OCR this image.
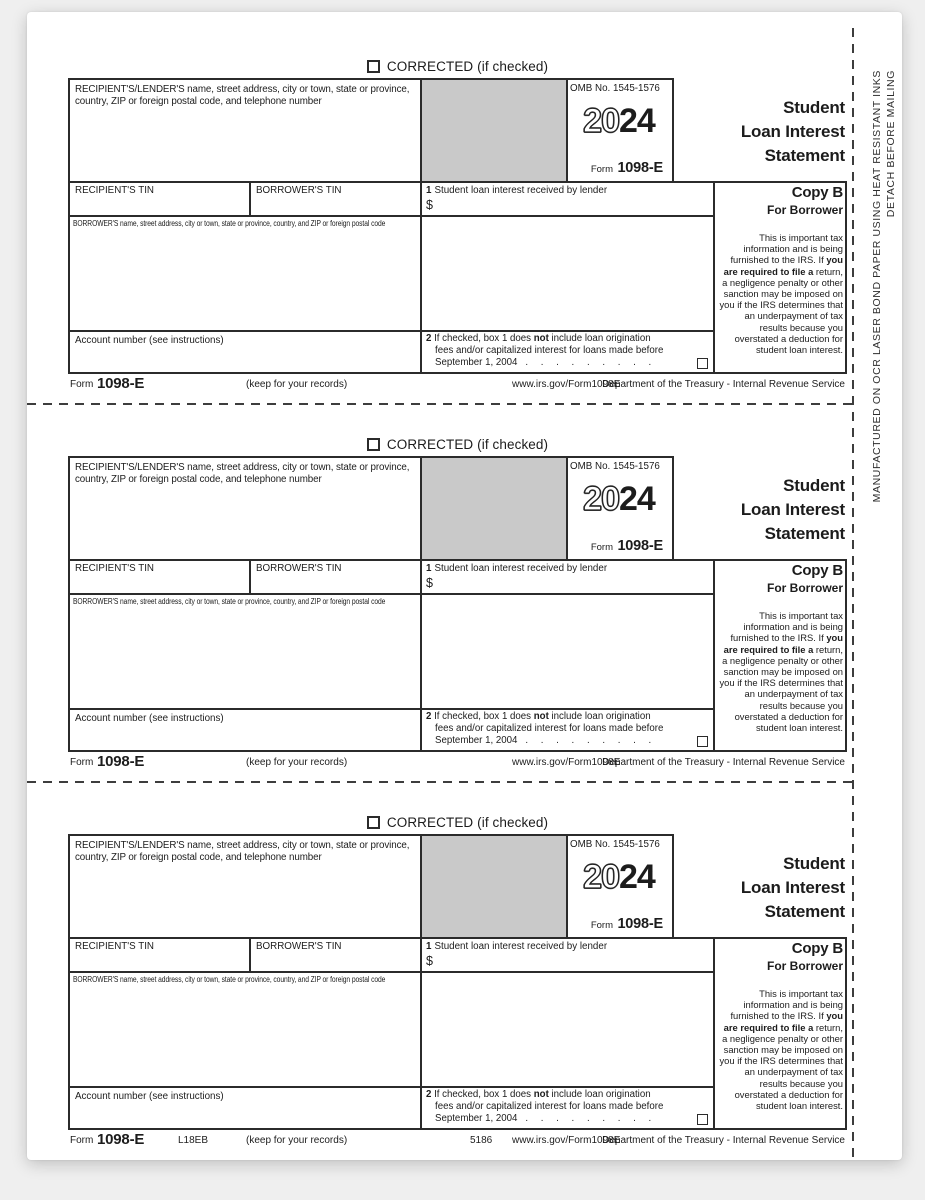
MANUFACTURED ON OCR LASER BOND PAPER USING HEAT RESISTANT INKS DETACH BEFORE MAILING
CORRECTED (if checked)
RECIPIENT'S/LENDER'S name, street address, city or town, state or province, country, ZIP or foreign postal code, and telephone number
OMB No. 1545-1576
2024
Form 1098-E
Student
Loan Interest
Statement
RECIPIENT'S TIN	BORROWER'S TIN	1 Student loan interest received by lender
$
BORROWER'S name, street address, city or town, state or province, country, and ZIP or foreign postal code
Account number (see instructions)	2 If checked, box 1 does not include loan origination
fees and/or capitalized interest for loans made before
September 1, 2004 . . . . . . . . .
Copy B
For Borrower
This is important tax information and is being furnished to the IRS. If you are required to file a return, a negligence penalty or other sanction may be imposed on you if the IRS determines that an underpayment of tax results because you overstated a deduction for student loan interest.
Form 1098-E	(keep for your records)	www.irs.gov/Form1098E
Department of the Treasury - Internal Revenue Service
CORRECTED (if checked)
RECIPIENT'S/LENDER'S name, street address, city or town, state or province, country, ZIP or foreign postal code, and telephone number
OMB No. 1545-1576
2024
Form 1098-E
Student
Loan Interest
Statement
RECIPIENT'S TIN	BORROWER'S TIN	1 Student loan interest received by lender
$
BORROWER'S name, street address, city or town, state or province, country, and ZIP or foreign postal code
Account number (see instructions)	2 If checked, box 1 does not include loan origination
fees and/or capitalized interest for loans made before
September 1, 2004 . . . . . . . . .
Copy B
For Borrower
This is important tax information and is being furnished to the IRS. If you are required to file a return, a negligence penalty or other sanction may be imposed on you if the IRS determines that an underpayment of tax results because you overstated a deduction for student loan interest.
Form 1098-E	(keep for your records)	www.irs.gov/Form1098E
Department of the Treasury - Internal Revenue Service
CORRECTED (if checked)
RECIPIENT'S/LENDER'S name, street address, city or town, state or province, country, ZIP or foreign postal code, and telephone number
OMB No. 1545-1576
2024
Form 1098-E
Student
Loan Interest
Statement
RECIPIENT'S TIN	BORROWER'S TIN	1 Student loan interest received by lender
$
BORROWER'S name, street address, city or town, state or province, country, and ZIP or foreign postal code
Account number (see instructions)	2 If checked, box 1 does not include loan origination
fees and/or capitalized interest for loans made before
September 1, 2004 . . . . . . . . .
Copy B
For Borrower
This is important tax information and is being furnished to the IRS. If you are required to file a return, a negligence penalty or other sanction may be imposed on you if the IRS determines that an underpayment of tax results because you overstated a deduction for student loan interest.
Form 1098-E	L18EB	(keep for your records)	5186 www.irs.gov/Form1098E
Department of the Treasury - Internal Revenue Service
